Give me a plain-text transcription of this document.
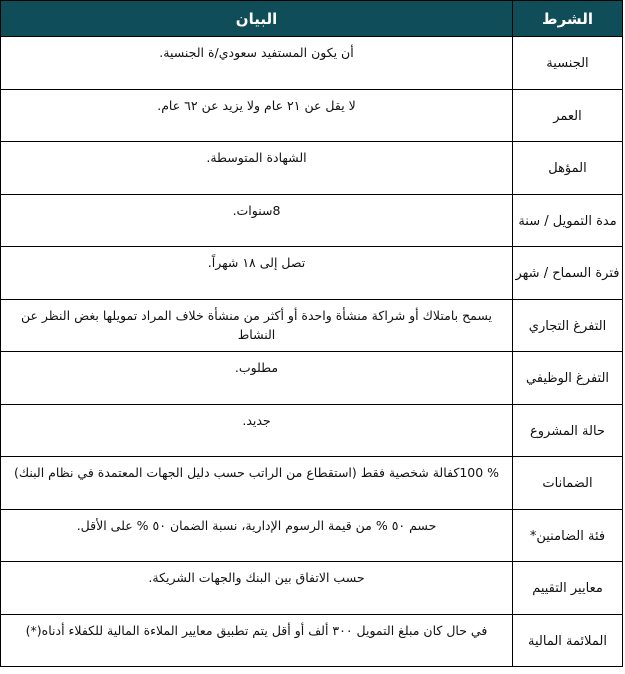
الشرط	البيان
الجنسية	أن يكون المستفيد سعودي/ة الجنسية.
العمر	لا يقل عن ٢١ عام ولا يزيد عن ٦٢ عام.
المؤهل	الشهادة المتوسطة.
مدة التمويل / سنة	8سنوات.
فترة السماح / شهر	تصل إلى ١٨ شهراً.
التفرغ التجاري	يسمح بامتلاك أو شراكة منشأة واحدة أو أكثر من منشأة خلاف المراد تمويلها بغض النظر عن النشاط
التفرغ الوظيفي	مطلوب.
حالة المشروع	جديد.
الضمانات	% 100كفالة شخصية فقط (استقطاع من الراتب حسب دليل الجهات المعتمدة في نظام البنك)
فئة الضامنين*	حسم ٥٠ % من قيمة الرسوم الإدارية، نسبة الضمان ٥٠ % على الأقل.
معايير التقييم	حسب الاتفاق بين البنك والجهات الشريكة.
الملائمة المالية	في حال كان مبلغ التمويل ٣٠٠ ألف أو أقل يتم تطبيق معايير الملاءة المالية للكفلاء أدناه(*)
